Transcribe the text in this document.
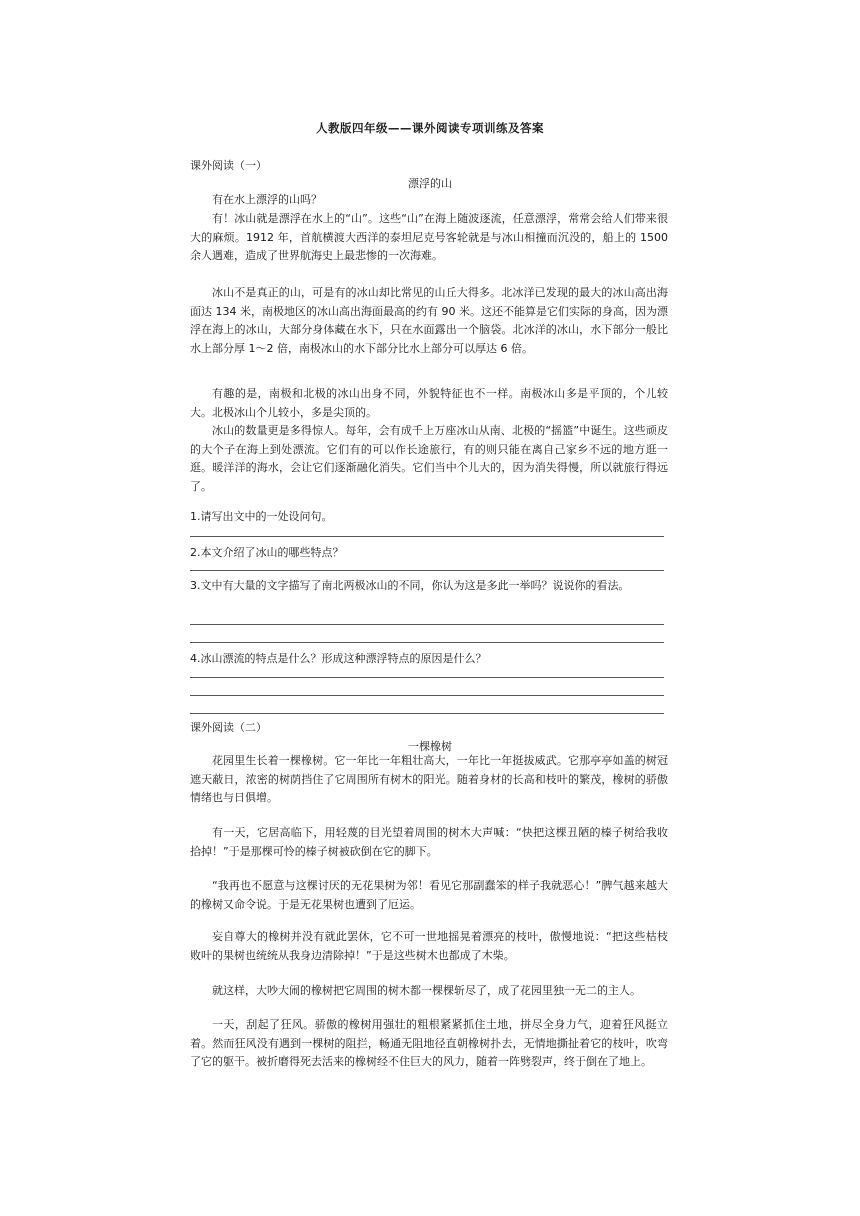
人教版四年级——课外阅读专项训练及答案
课外阅读（一）
漂浮的山
有在水上漂浮的山吗？
有！冰山就是漂浮在水上的“山”。这些“山”在海上随波逐流，任意漂浮，常常会给人们带来很大的麻烦。1912 年，首航横渡大西洋的泰坦尼克号客轮就是与冰山相撞而沉没的，船上的 1500 余人遇难，造成了世界航海史上最悲惨的一次海难。
冰山不是真正的山，可是有的冰山却比常见的山丘大得多。北冰洋已发现的最大的冰山高出海面达 134 米，南极地区的冰山高出海面最高的约有 90 米。这还不能算是它们实际的身高，因为漂浮在海上的冰山，大部分身体藏在水下，只在水面露出一个脑袋。北冰洋的冰山，水下部分一般比水上部分厚 1～2 倍，南极冰山的水下部分比水上部分可以厚达 6 倍。
有趣的是，南极和北极的冰山出身不同，外貌特征也不一样。南极冰山多是平顶的，个儿较大。北极冰山个儿较小，多是尖顶的。
冰山的数量更是多得惊人。每年，会有成千上万座冰山从南、北极的“摇篮”中诞生。这些顽皮的大个子在海上到处漂流。它们有的可以作长途旅行，有的则只能在离自己家乡不远的地方逛一逛。暖洋洋的海水，会让它们逐渐融化消失。它们当中个儿大的，因为消失得慢，所以就旅行得远了。
1.请写出文中的一处设问句。
2.本文介绍了冰山的哪些特点？
3.文中有大量的文字描写了南北两极冰山的不同，你认为这是多此一举吗？说说你的看法。
4.冰山漂流的特点是什么？形成这种漂浮特点的原因是什么？
课外阅读（二）
一棵橡树
花园里生长着一棵橡树。它一年比一年粗壮高大，一年比一年挺拔威武。它那亭亭如盖的树冠遮天蔽日，浓密的树荫挡住了它周围所有树木的阳光。随着身材的长高和枝叶的繁茂，橡树的骄傲情绪也与日俱增。
有一天，它居高临下，用轻蔑的目光望着周围的树木大声喊：“快把这棵丑陋的榛子树给我收拾掉！”于是那棵可怜的榛子树被砍倒在它的脚下。
“我再也不愿意与这棵讨厌的无花果树为邻！看见它那副蠢笨的样子我就恶心！”脾气越来越大的橡树又命令说。于是无花果树也遭到了厄运。
妄自尊大的橡树并没有就此罢休，它不可一世地摇晃着漂亮的枝叶，傲慢地说：“把这些枯枝败叶的果树也统统从我身边清除掉！”于是这些树木也都成了木柴。
就这样，大吵大闹的橡树把它周围的树木都一棵棵斩尽了，成了花园里独一无二的主人。
一天，刮起了狂风。骄傲的橡树用强壮的粗根紧紧抓住土地，拼尽全身力气，迎着狂风挺立着。然而狂风没有遇到一棵树的阻拦，畅通无阻地径直朝橡树扑去，无情地撕扯着它的枝叶，吹弯了它的躯干。被折磨得死去活来的橡树经不住巨大的风力，随着一阵劈裂声，终于倒在了地上。
